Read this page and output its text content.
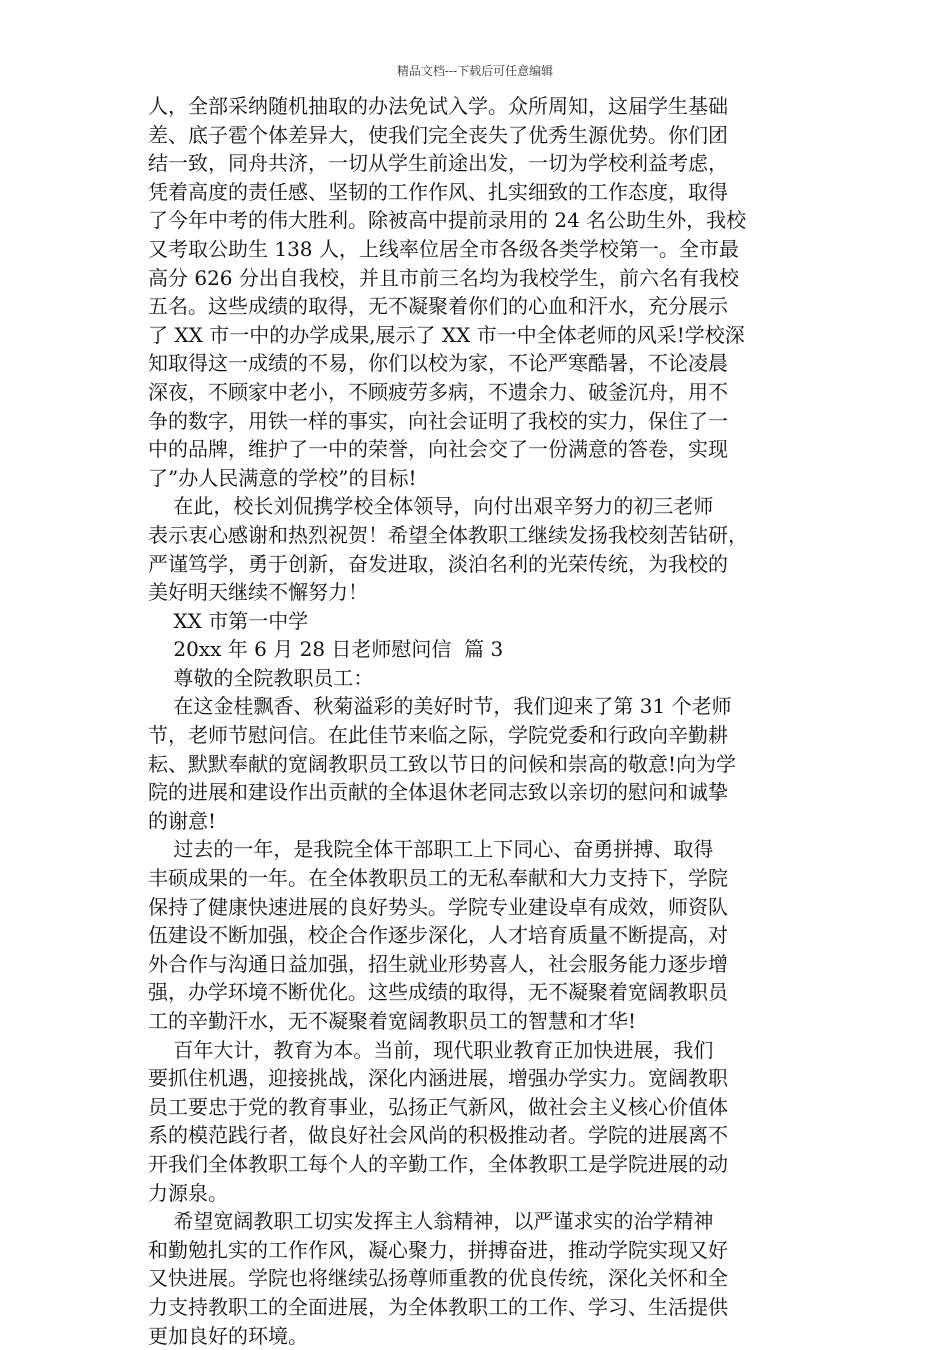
精品文档---下载后可任意编辑
人，全部采纳随机抽取的办法免试入学。众所周知，这届学生基础
差、底子雹个体差异大，使我们完全丧失了优秀生源优势。你们团
结一致，同舟共济，一切从学生前途出发，一切为学校利益考虑，
凭着高度的责任感、坚韧的工作作风、扎实细致的工作态度，取得
了今年中考的伟大胜利。除被高中提前录用的 24 名公助生外，我校
又考取公助生 138 人，上线率位居全市各级各类学校第一。全市最
高分 626 分出自我校，并且市前三名均为我校学生，前六名有我校
五名。这些成绩的取得，无不凝聚着你们的心血和汗水，充分展示
了 XX 市一中的办学成果,展示了 XX 市一中全体老师的风采!学校深
知取得这一成绩的不易，你们以校为家，不论严寒酷暑，不论凌晨
深夜，不顾家中老小，不顾疲劳多病，不遗余力、破釜沉舟，用不
争的数字，用铁一样的事实，向社会证明了我校的实力，保住了一
中的品牌，维护了一中的荣誉，向社会交了一份满意的答卷，实现
了”办人民满意的学校”的目标!
在此，校长刘侃携学校全体领导，向付出艰辛努力的初三老师
表示衷心感谢和热烈祝贺！希望全体教职工继续发扬我校刻苦钻研，
严谨笃学，勇于创新，奋发进取，淡泊名利的光荣传统，为我校的
美好明天继续不懈努力！
XX 市第一中学
20xx 年 6 月 28 日老师慰问信  篇 3
尊敬的全院教职员工：
在这金桂飘香、秋菊溢彩的美好时节，我们迎来了第 31 个老师
节，老师节慰问信。在此佳节来临之际，学院党委和行政向辛勤耕
耘、默默奉献的宽阔教职员工致以节日的问候和崇高的敬意!向为学
院的进展和建设作出贡献的全体退休老同志致以亲切的慰问和诚挚
的谢意!
过去的一年，是我院全体干部职工上下同心、奋勇拼搏、取得
丰硕成果的一年。在全体教职员工的无私奉献和大力支持下，学院
保持了健康快速进展的良好势头。学院专业建设卓有成效，师资队
伍建设不断加强，校企合作逐步深化，人才培育质量不断提高，对
外合作与沟通日益加强，招生就业形势喜人，社会服务能力逐步增
强，办学环境不断优化。这些成绩的取得，无不凝聚着宽阔教职员
工的辛勤汗水，无不凝聚着宽阔教职员工的智慧和才华!
百年大计，教育为本。当前，现代职业教育正加快进展，我们
要抓住机遇，迎接挑战，深化内涵进展，增强办学实力。宽阔教职
员工要忠于党的教育事业，弘扬正气新风，做社会主义核心价值体
系的模范践行者，做良好社会风尚的积极推动者。学院的进展离不
开我们全体教职工每个人的辛勤工作，全体教职工是学院进展的动
力源泉。
希望宽阔教职工切实发挥主人翁精神，以严谨求实的治学精神
和勤勉扎实的工作作风，凝心聚力，拼搏奋进，推动学院实现又好
又快进展。学院也将继续弘扬尊师重教的优良传统，深化关怀和全
力支持教职工的全面进展，为全体教职工的工作、学习、生活提供
更加良好的环境。
